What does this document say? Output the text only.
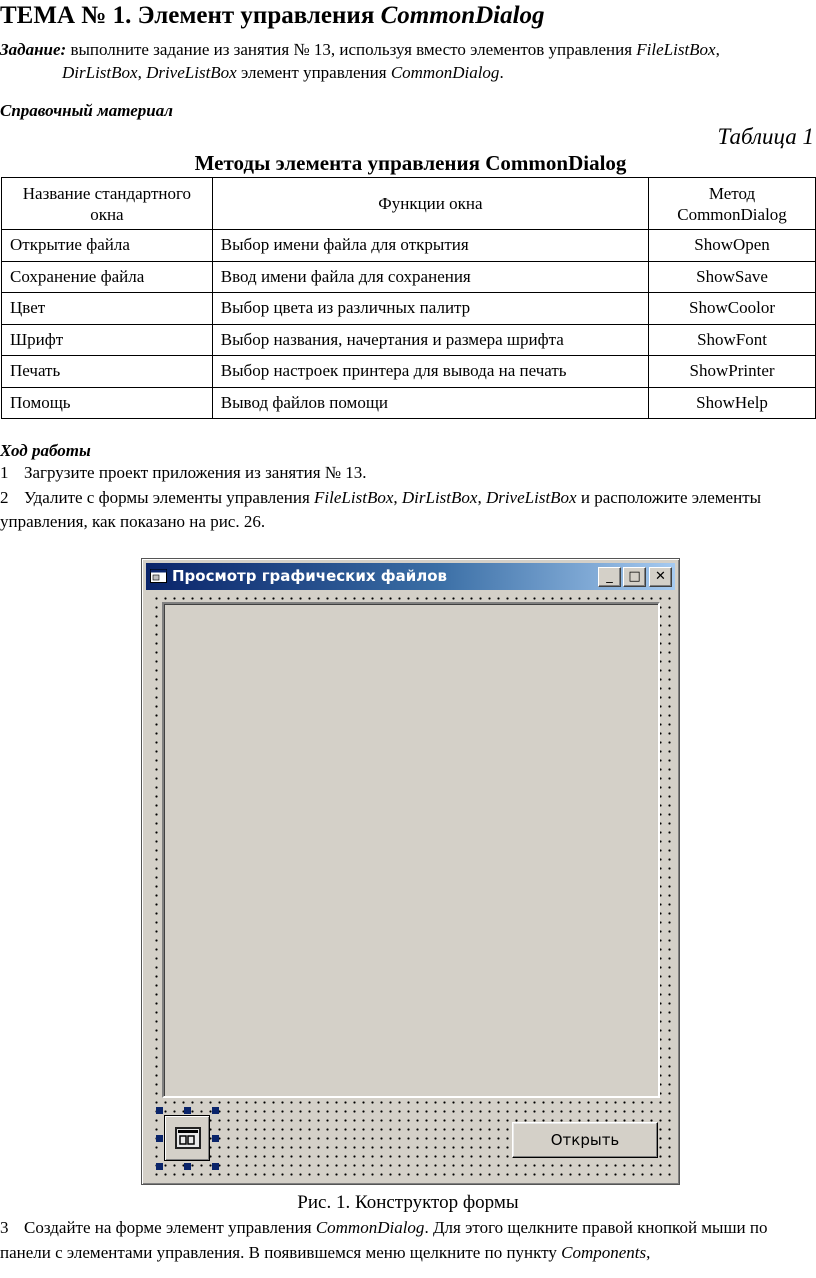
ТЕМА № 1. Элемент управления CommonDialog
Задание: выполните задание из занятия № 13, используя вместо элементов управления FileListBox,
DirListBox, DriveListBox элемент управления CommonDialog.
Справочный материал
Таблица 1
Методы элемента управления CommonDialog
Название стандартного окна	Функции окна	Метод CommonDialog
Открытие файла	Выбор имени файла для открытия	ShowOpen
Сохранение файла	Ввод имени файла для сохранения	ShowSave
Цвет	Выбор цвета из различных палитр	ShowCoolor
Шрифт	Выбор названия, начертания и размера шрифта	ShowFont
Печать	Выбор настроек принтера для вывода на печать	ShowPrinter
Помощь	Вывод файлов помощи	ShowHelp
Ход работы

1 Загрузите проект приложения из занятия № 13.

2 Удалите с формы элементы управления FileListBox, DirListBox, DriveListBox и расположите элементы управления, как показано на рис. 26.

Просмотр графических файлов	_	□	✕
Открыть
Рис. 1. Конструктор формы
3 Создайте на форме элемент управления CommonDialog. Для этого щелкните правой кнопкой мыши по панели с элементами управления. В появившемся меню щелкните по пункту Components,
